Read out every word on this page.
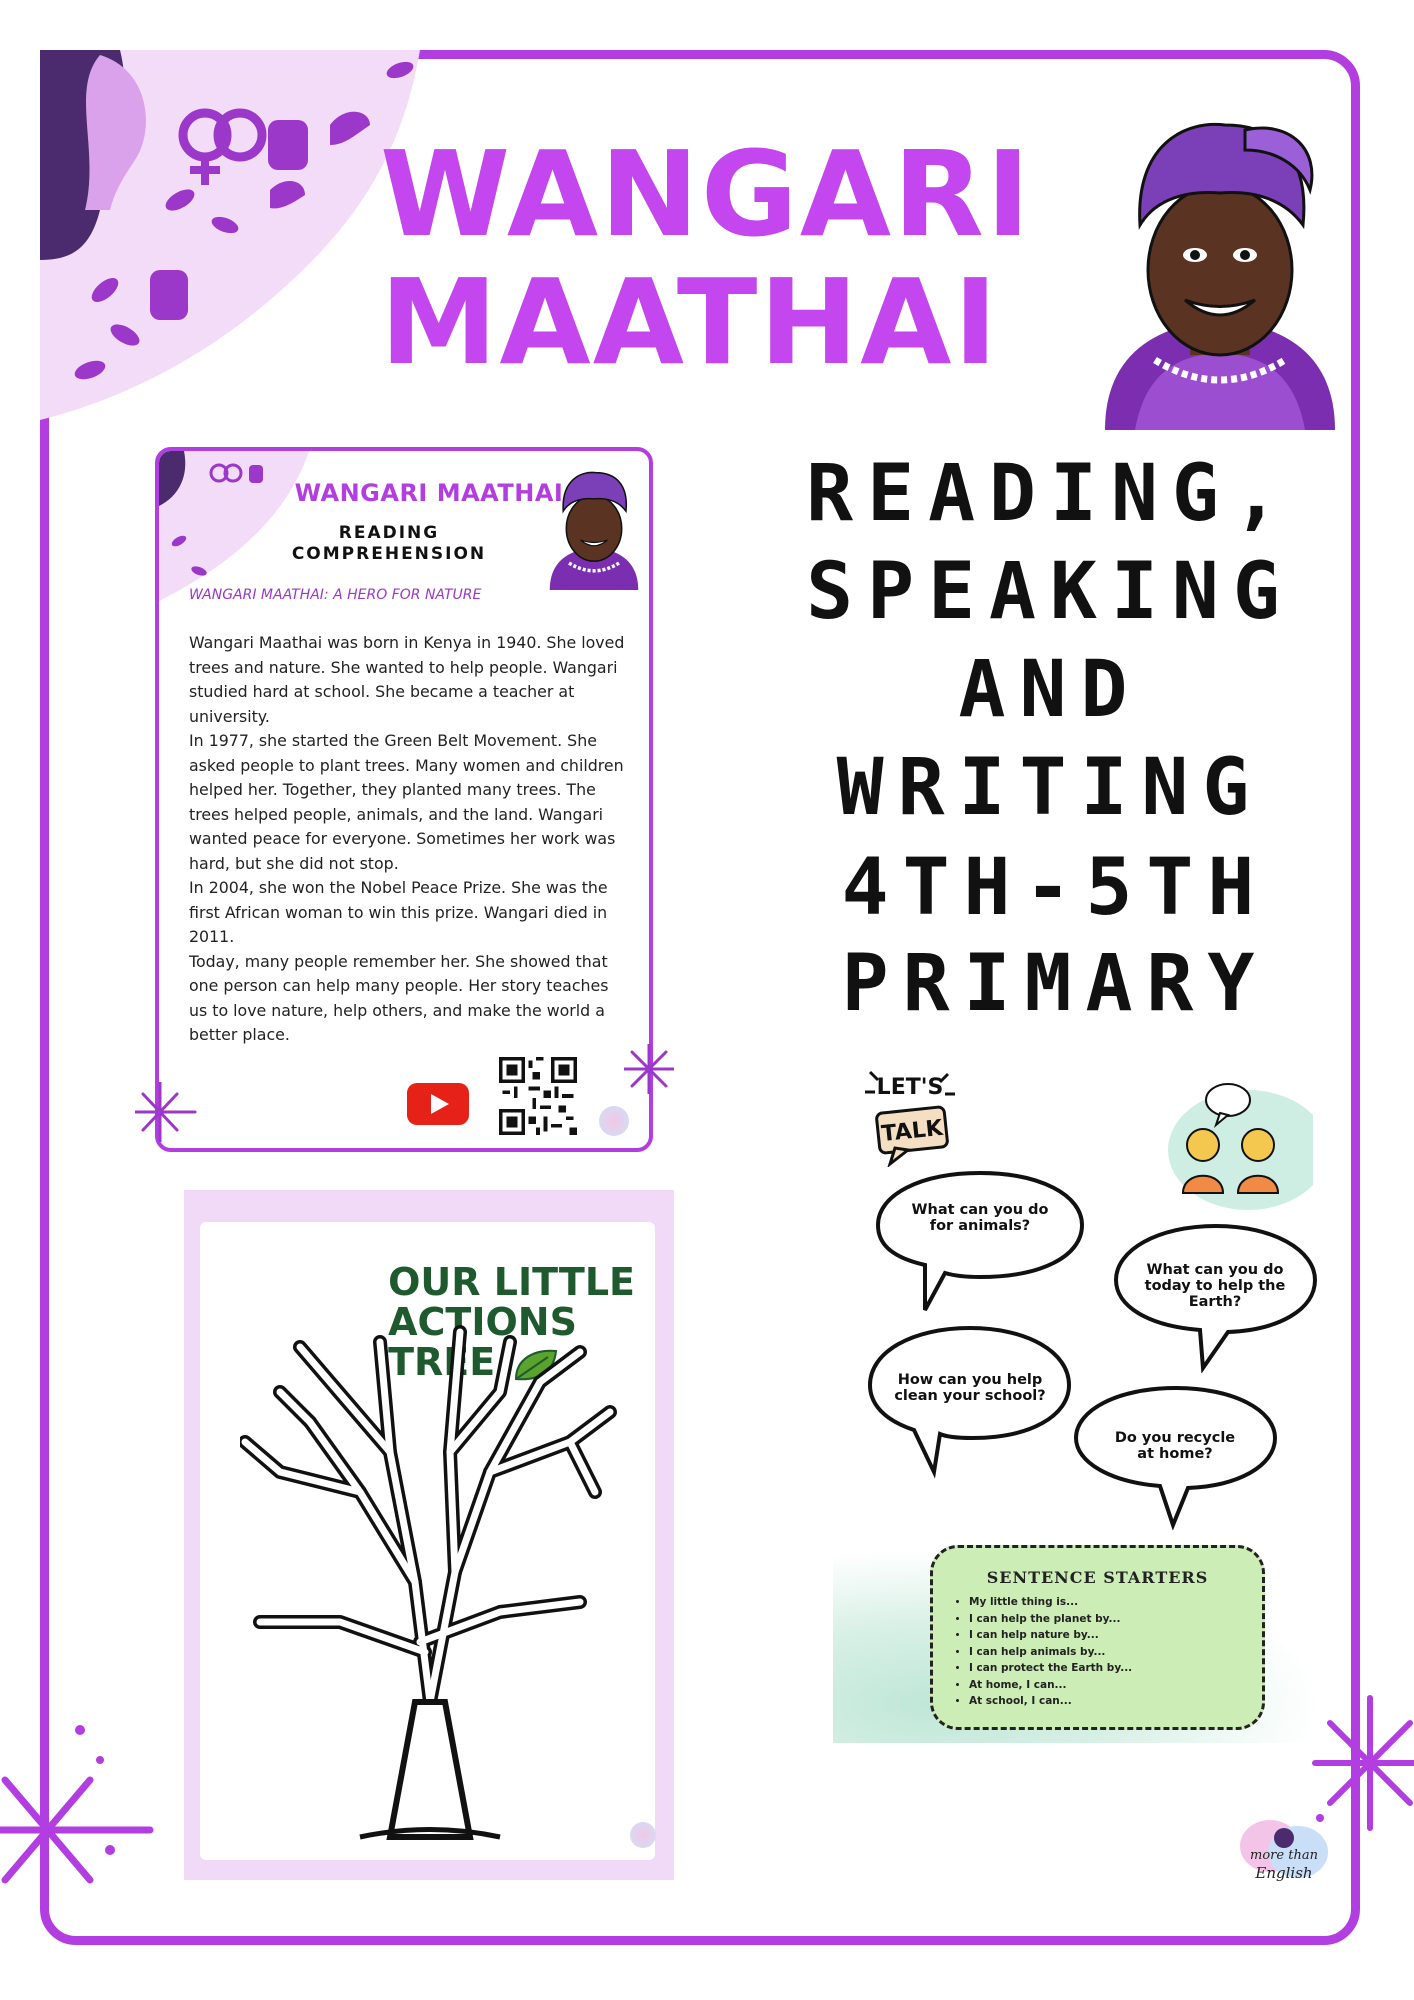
WANGARI
MAATHAI
WANGARI MAATHAI
READING
COMPREHENSION
WANGARI MAATHAI: A HERO FOR NATURE

Wangari Maathai was born in Kenya in 1940. She loved trees and nature. She wanted to help people. Wangari studied hard at school. She became a teacher at university.

In 1977, she started the Green Belt Movement. She asked people to plant trees. Many women and children helped her. Together, they planted many trees. The trees helped people, animals, and the land. Wangari wanted peace for everyone. Sometimes her work was hard, but she did not stop.

In 2004, she won the Nobel Peace Prize. She was the first African woman to win this prize. Wangari died in 2011.

Today, many people remember her. She showed that one person can help many people. Her story teaches us to love nature, help others, and make the world a better place.

READING,
SPEAKING
AND WRITING
4TH-5TH
PRIMARY
OUR LITTLE
ACTIONS
TREE
LET'S
TALK
What can you do for animals?
What can you do today to help the Earth?
How can you help clean your school?
Do you recycle at home?
SENTENCE STARTERS
• My little thing is...
• I can help the planet by...
• I can help nature by...
• I can help animals by...
• I can protect the Earth by...
• At home, I can...
• At school, I can...
more than
English
